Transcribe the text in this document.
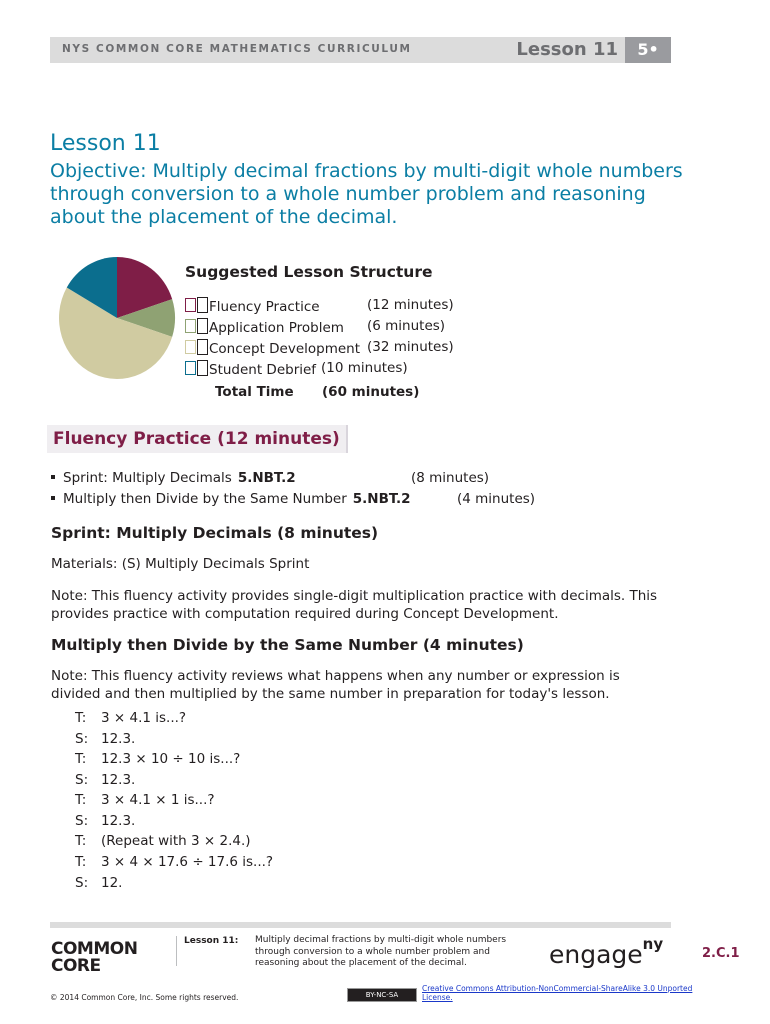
NYS COMMON CORE MATHEMATICS CURRICULUM	Lesson 11	5•
Lesson 11
Objective: Multiply decimal fractions by multi-digit whole numbers through conversion to a whole number problem and reasoning about the placement of the decimal.
Suggested Lesson Structure
Fluency Practice	(12 minutes)
Application Problem (6 minutes)
Concept Development (32 minutes)
Student Debrief (10 minutes)
Total Time (60 minutes)
Fluency Practice (12 minutes)
Sprint: Multiply Decimals 5.NBT.2	(8 minutes)
Multiply then Divide by the Same Number 5.NBT.2	(4 minutes)
Sprint: Multiply Decimals (8 minutes)
Materials: (S) Multiply Decimals Sprint
Note: This fluency activity provides single-digit multiplication practice with decimals. This provides practice with computation required during Concept Development.
Multiply then Divide by the Same Number (4 minutes)
Note: This fluency activity reviews what happens when any number or expression is divided and then multiplied by the same number in preparation for today's lesson.
T: 3 × 4.1 is...?
S: 12.3.
T: 12.3 × 10 ÷ 10 is...?
S: 12.3.
T: 3 × 4.1 × 1 is...?
S: 12.3.
T: (Repeat with 3 × 2.4.)
T: 3 × 4 × 17.6 ÷ 17.6 is...?
S: 12.
COMMON
CORE
Lesson 11: Multiply decimal fractions by multi-digit whole numbers through conversion to a whole number problem and reasoning about the placement of the decimal.	engage$^{ny}$
2.C.1
© 2014 Common Core, Inc. Some rights reserved.	BY-NC-SA
Creative Commons Attribution-NonCommercial-ShareAlike 3.0 Unported License.
